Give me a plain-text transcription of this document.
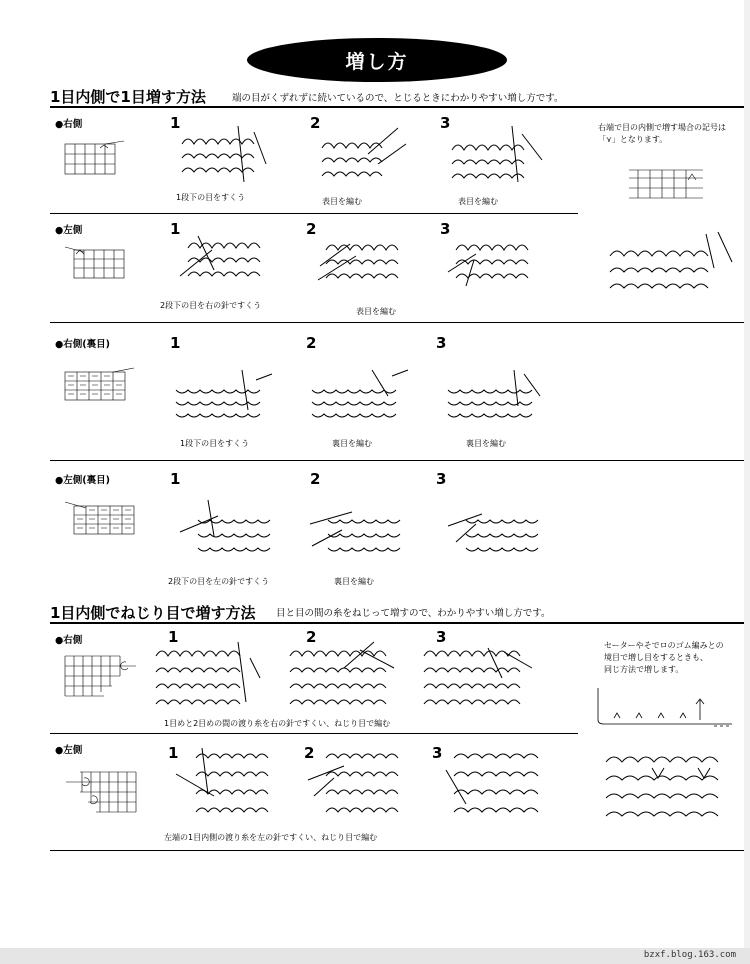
増し方
1目内側で1目増す方法	端の目がくずれずに続いているので、とじるときにわかりやすい増し方です。
●右側	1	2	3
1段下の目をすくう	表目を編む	表目を編む
右端で目の内側で増す場合の記号は
「⋎」となります。
●左側	1	2	3
2段下の目を右の針ですくう
表目を編む
●右側(裏目)	1	2	3
1段下の目をすくう	裏目を編む	裏目を編む
●左側(裏目)	1	2	3
2段下の目を左の針ですくう	裏目を編む
1目内側でねじり目で増す方法 目と目の間の糸をねじって増すので、わかりやすい増し方です。
●右側	1	2	3
1目めと2目めの間の渡り糸を右の針ですくい、ねじり目で編む
セーターやそでロのゴム編みとの
境目で増し目をするときも、
同じ方法で増します。
●左側	1	2	3
左端の1目内側の渡り糸を左の針ですくい、ねじり目で編む
bzxf.blog.163.com
